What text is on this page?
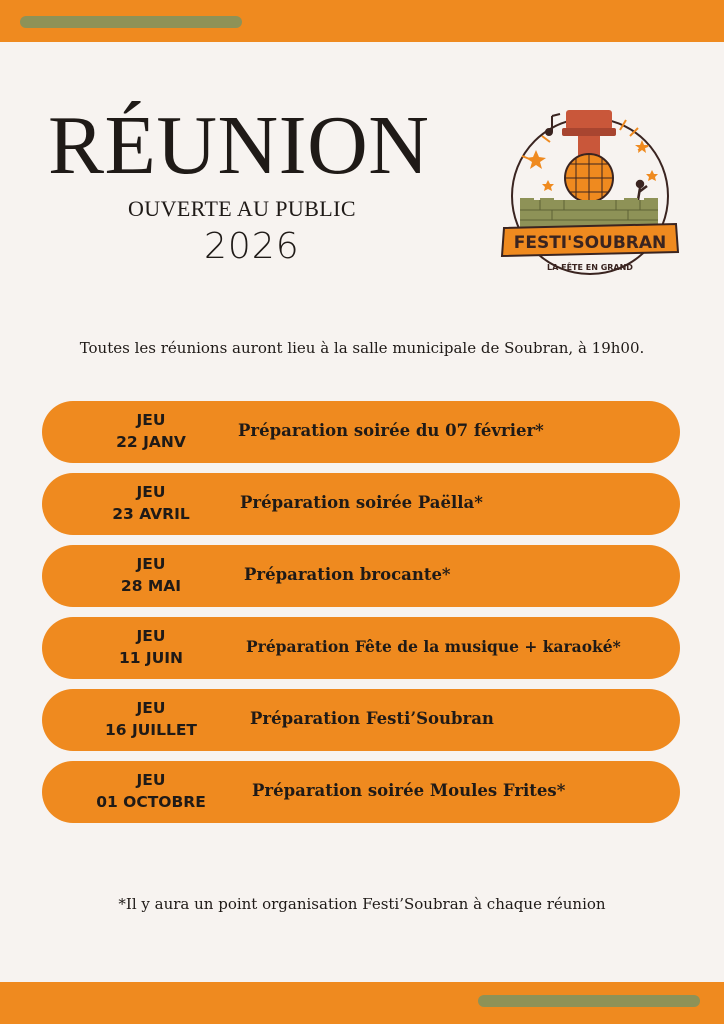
RÉUNION
OUVERTE AU PUBLIC
2026	FESTI'SOUBRAN
LA FÊTE EN GRAND
Toutes les réunions auront lieu à la salle municipale de Soubran, à 19h00.
JEU
22 JANV
Préparation soirée du 07 février*
JEU
23 AVRIL
Préparation soirée Paëlla*
JEU
28 MAI
Préparation brocante*
JEU
11 JUIN
Préparation Fête de la musique + karaoké*
JEU
16 JUILLET
Préparation Festi’Soubran
JEU
01 OCTOBRE
Préparation soirée Moules Frites*
*Il y aura un point organisation Festi’Soubran à chaque réunion
